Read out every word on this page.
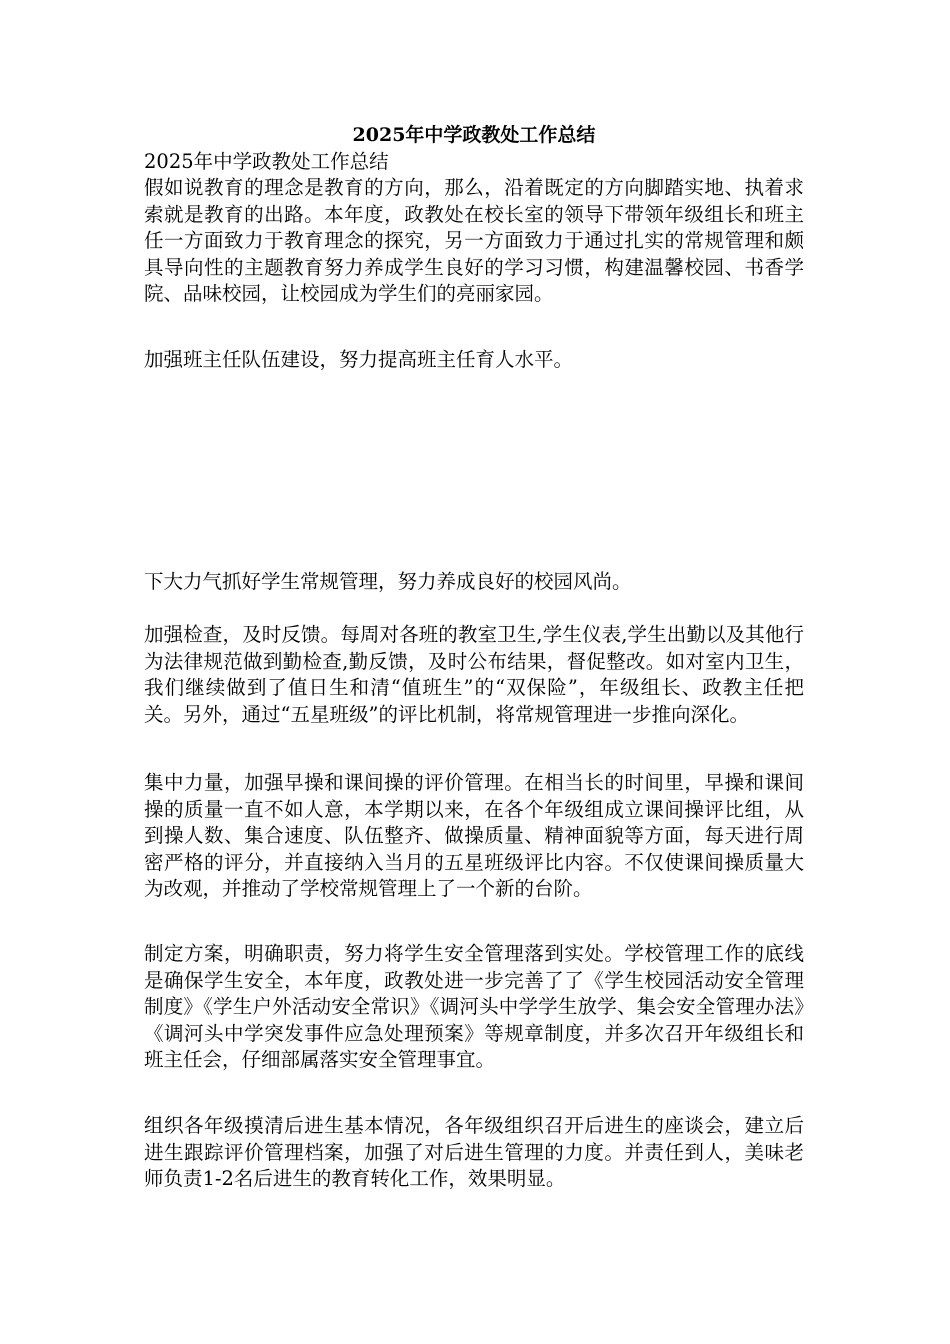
2025年中学政教处工作总结

2025年中学政教处工作总结

假如说教育的理念是教育的方向，那么，沿着既定的方向脚踏实地、执着求索就是教育的出路。本年度，政教处在校长室的领导下带领年级组长和班主任一方面致力于教育理念的探究，另一方面致力于通过扎实的常规管理和颇具导向性的主题教育努力养成学生良好的学习习惯，构建温馨校园、书香学院、品味校园，让校园成为学生们的亮丽家园。

加强班主任队伍建设，努力提高班主任育人水平。

下大力气抓好学生常规管理，努力养成良好的校园风尚。

加强检查，及时反馈。每周对各班的教室卫生,学生仪表,学生出勤以及其他行为法律规范做到勤检查,勤反馈，及时公布结果，督促整改。如对室内卫生，我们继续做到了值日生和清“值班生”的“双保险”，年级组长、政教主任把关。另外，通过“五星班级”的评比机制，将常规管理进一步推向深化。

集中力量，加强早操和课间操的评价管理。在相当长的时间里，早操和课间操的质量一直不如人意，本学期以来，在各个年级组成立课间操评比组，从到操人数、集合速度、队伍整齐、做操质量、精神面貌等方面，每天进行周密严格的评分，并直接纳入当月的五星班级评比内容。不仅使课间操质量大为改观，并推动了学校常规管理上了一个新的台阶。

制定方案，明确职责，努力将学生安全管理落到实处。学校管理工作的底线是确保学生安全，本年度，政教处进一步完善了了《学生校园活动安全管理制度》《学生户外活动安全常识》《调河头中学学生放学、集会安全管理办法》《调河头中学突发事件应急处理预案》等规章制度，并多次召开年级组长和班主任会，仔细部属落实安全管理事宜。

组织各年级摸清后进生基本情况，各年级组织召开后进生的座谈会，建立后进生跟踪评价管理档案，加强了对后进生管理的力度。并责任到人，美味老师负责1-2名后进生的教育转化工作，效果明显。
